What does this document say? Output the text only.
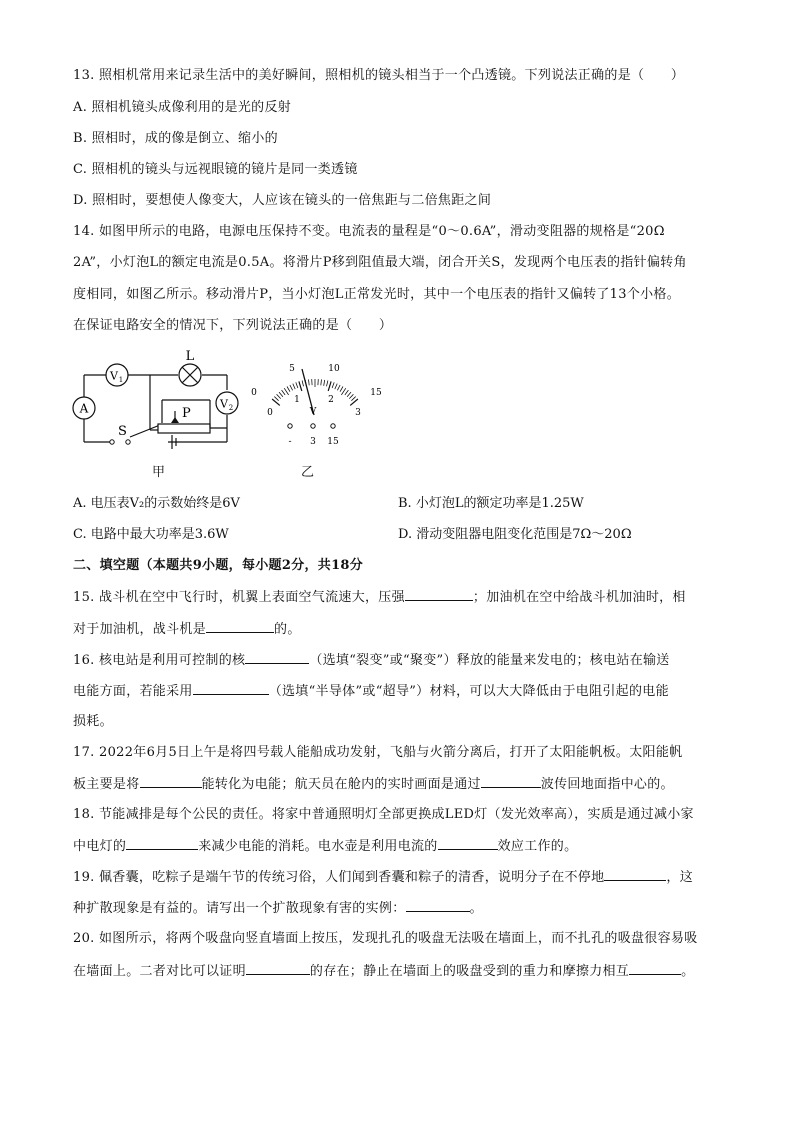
13. 照相机常用来记录生活中的美好瞬间，照相机的镜头相当于一个凸透镜。下列说法正确的是（　　）
A. 照相机镜头成像利用的是光的反射
B. 照相时，成的像是倒立、缩小的
C. 照相机的镜头与远视眼镜的镜片是同一类透镜
D. 照相时，要想使人像变大，人应该在镜头的一倍焦距与二倍焦距之间
14. 如图甲所示的电路，电源电压保持不变。电流表的量程是“0～0.6A”，滑动变阻器的规格是“20Ω
2A”，小灯泡L的额定电流是0.5A。将滑片P移到阻值最大端，闭合开关S，发现两个电压表的指针偏转角
度相同，如图乙所示。移动滑片P，当小灯泡L正常发光时，其中一个电压表的指针又偏转了13个小格。
在保证电路安全的情况下，下列说法正确的是（　　）
A
V 1
L
V 2
P
S
甲
0
5	10
15
0
1	2
3
V
- 3 15
乙
A. 电压表V₂的示数始终是6V	B. 小灯泡L的额定功率是1.25W
C. 电路中最大功率是3.6W	D. 滑动变阻器电阻变化范围是7Ω～20Ω
二、填空题（本题共9小题，每小题2分，共18分
15. 战斗机在空中飞行时，机翼上表面空气流速大，压强	；加油机在空中给战斗机加油时，相
对于加油机，战斗机是	的。
16. 核电站是利用可控制的核	（选填“裂变”或“聚变”）释放的能量来发电的；核电站在输送
电能方面，若能采用	（选填“半导体”或“超导”）材料，可以大大降低由于电阻引起的电能
损耗。
17. 2022年6月5日上午是将四号载人能船成功发射，飞船与火箭分离后，打开了太阳能帆板。太阳能帆
板主要是将	能转化为电能；航天员在舱内的实时画面是通过	波传回地面指中心的。
18. 节能减排是每个公民的责任。将家中普通照明灯全部更换成LED灯（发光效率高），实质是通过减小家
中电灯的	来减少电能的消耗。电水壶是利用电流的	效应工作的。
19. 佩香囊，吃粽子是端午节的传统习俗，人们闻到香囊和粽子的清香，说明分子在不停地	，这
种扩散现象是有益的。请写出一个扩散现象有害的实例：	。
20. 如图所示，将两个吸盘向竖直墙面上按压，发现扎孔的吸盘无法吸在墙面上，而不扎孔的吸盘很容易吸
在墙面上。二者对比可以证明	的存在；静止在墙面上的吸盘受到的重力和摩擦力相互	。
